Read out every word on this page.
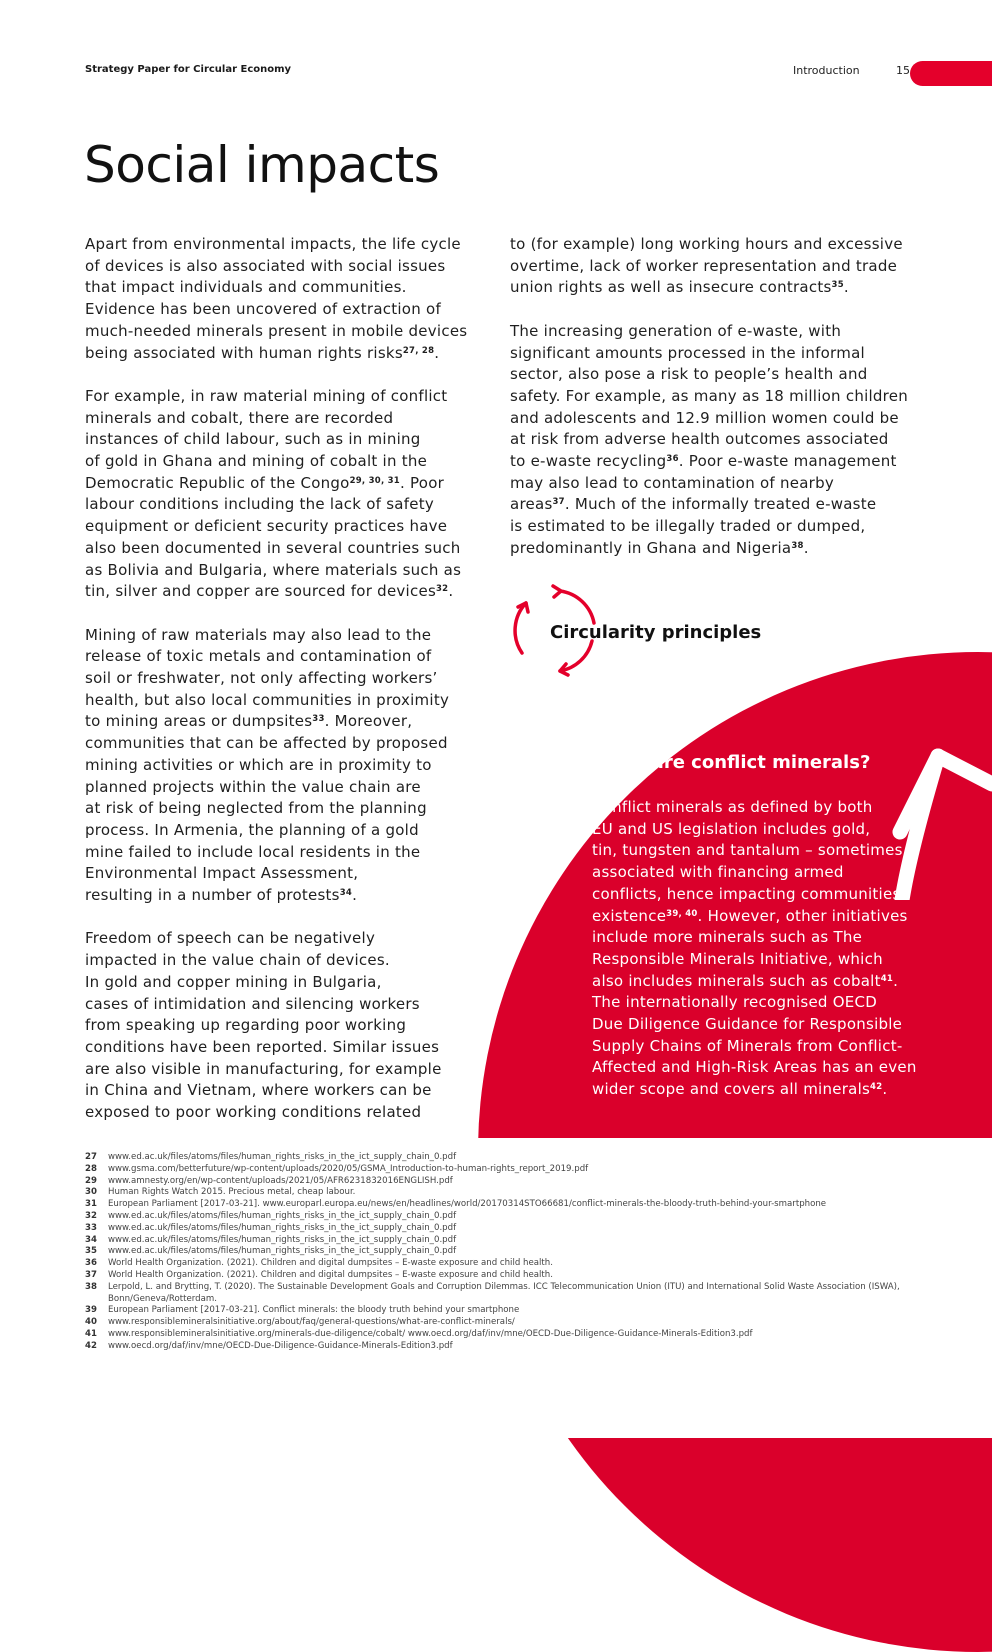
Strategy Paper for Circular Economy	Introduction	15
Social impacts

Apart from environmental impacts, the life cycle
of devices is also associated with social issues
that impact individuals and communities.
Evidence has been uncovered of extraction of
much-needed minerals present in mobile devices
being associated with human rights risks$^{27, 28}$.

For example, in raw material mining of conflict
minerals and cobalt, there are recorded
instances of child labour, such as in mining
of gold in Ghana and mining of cobalt in the
Democratic Republic of the Congo$^{29, 30, 31}$. Poor
labour conditions including the lack of safety
equipment or deficient security practices have
also been documented in several countries such
as Bolivia and Bulgaria, where materials such as
tin, silver and copper are sourced for devices$^{32}$.

Mining of raw materials may also lead to the
release of toxic metals and contamination of
soil or freshwater, not only affecting workers’
health, but also local communities in proximity
to mining areas or dumpsites$^{33}$. Moreover,
communities that can be affected by proposed
mining activities or which are in proximity to
planned projects within the value chain are
at risk of being neglected from the planning
process. In Armenia, the planning of a gold
mine failed to include local residents in the
Environmental Impact Assessment,
resulting in a number of protests$^{34}$.

Freedom of speech can be negatively
impacted in the value chain of devices.
In gold and copper mining in Bulgaria,
cases of intimidation and silencing workers
from speaking up regarding poor working
conditions have been reported. Similar issues
are also visible in manufacturing, for example
in China and Vietnam, where workers can be
exposed to poor working conditions related

to (for example) long working hours and excessive
overtime, lack of worker representation and trade
union rights as well as insecure contracts$^{35}$.

The increasing generation of e-waste, with
significant amounts processed in the informal
sector, also pose a risk to people’s health and
safety. For example, as many as 18 million children
and adolescents and 12.9 million women could be
at risk from adverse health outcomes associated
to e-waste recycling$^{36}$. Poor e-waste management
may also lead to contamination of nearby
areas$^{37}$. Much of the informally treated e-waste
is estimated to be illegally traded or dumped,
predominantly in Ghana and Nigeria$^{38}$.

Circularity principles
What are conflict minerals?
Conflict minerals as defined by both
EU and US legislation includes gold,
tin, tungsten and tantalum – sometimes
associated with financing armed
conflicts, hence impacting communities’
existence$^{39, 40}$. However, other initiatives
include more minerals such as The
Responsible Minerals Initiative, which
also includes minerals such as cobalt$^{41}$.
The internationally recognised OECD
Due Diligence Guidance for Responsible
Supply Chains of Minerals from Conflict-
Affected and High-Risk Areas has an even
wider scope and covers all minerals$^{42}$.
27	www.ed.ac.uk/files/atoms/files/human_rights_risks_in_the_ict_supply_chain_0.pdf
28	www.gsma.com/betterfuture/wp-content/uploads/2020/05/GSMA_Introduction-to-human-rights_report_2019.pdf
29	www.amnesty.org/en/wp-content/uploads/2021/05/AFR6231832016ENGLISH.pdf
30	Human Rights Watch 2015. Precious metal, cheap labour.
31	European Parliament [2017-03-21]. www.europarl.europa.eu/news/en/headlines/world/20170314STO66681/conflict-minerals-the-bloody-truth-behind-your-smartphone
32	www.ed.ac.uk/files/atoms/files/human_rights_risks_in_the_ict_supply_chain_0.pdf
33	www.ed.ac.uk/files/atoms/files/human_rights_risks_in_the_ict_supply_chain_0.pdf
34	www.ed.ac.uk/files/atoms/files/human_rights_risks_in_the_ict_supply_chain_0.pdf
35	www.ed.ac.uk/files/atoms/files/human_rights_risks_in_the_ict_supply_chain_0.pdf
36	World Health Organization. (2021). Children and digital dumpsites – E-waste exposure and child health.
37	World Health Organization. (2021). Children and digital dumpsites – E-waste exposure and child health.
38	Lerpold, L. and Brytting, T. (2020). The Sustainable Development Goals and Corruption Dilemmas. ICC Telecommunication Union (ITU) and International Solid Waste Association (ISWA), Bonn/Geneva/Rotterdam.
39	European Parliament [2017-03-21]. Conflict minerals: the bloody truth behind your smartphone
40	www.responsiblemineralsinitiative.org/about/faq/general-questions/what-are-conflict-minerals/
41	www.responsiblemineralsinitiative.org/minerals-due-diligence/cobalt/ www.oecd.org/daf/inv/mne/OECD-Due-Diligence-Guidance-Minerals-Edition3.pdf
42	www.oecd.org/daf/inv/mne/OECD-Due-Diligence-Guidance-Minerals-Edition3.pdf
